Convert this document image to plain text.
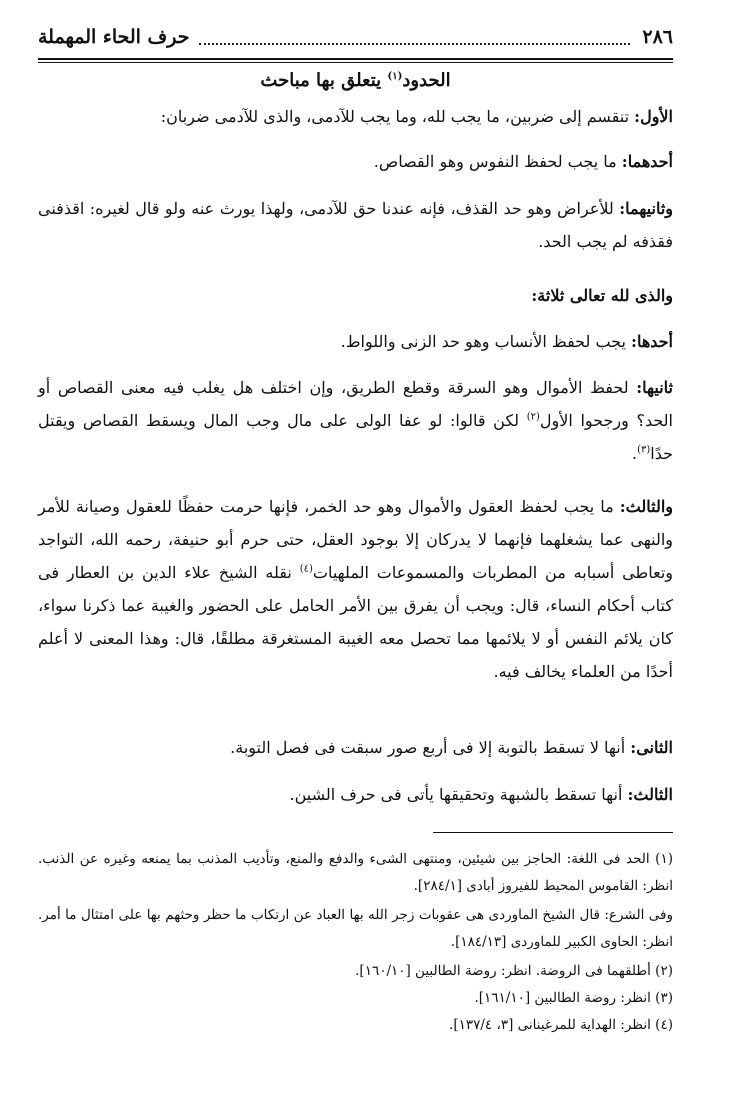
٢٨٦
حرف الحاء المهملة
الحدود$^{(١)}$ يتعلق بها مباحث
الأول: تنقسم إلى ضربين، ما يجب لله، وما يجب للآدمى، والذى للآدمى ضربان:
أحدهما: ما يجب لحفظ النفوس وهو القصاص.
وثانيهما: للأعراض وهو حد القذف، فإنه عندنا حق للآدمى، ولهذا يورث عنه ولو قال لغيره: اقذفنى فقذفه لم يجب الحد.
والذى لله تعالى ثلاثة:
أحدها: يجب لحفظ الأنساب وهو حد الزنى واللواط.
ثانيها: لحفظ الأموال وهو السرقة وقطع الطريق، وإن اختلف هل يغلب فيه معنى القصاص أو الحد؟ ورجحوا الأول$^{(٢)}$ لكن قالوا: لو عفا الولى على مال وجب المال ويسقط القصاص ويقتل حدًا$^{(٣)}$.
والثالث: ما يجب لحفظ العقول والأموال وهو حد الخمر، فإنها حرمت حفظًا للعقول وصيانة للأمر والنهى عما يشغلهما فإنهما لا يدركان إلا بوجود العقل، حتى حرم أبو حنيفة، رحمه الله، التواجد وتعاطى أسبابه من المطربات والمسموعات الملهيات$^{(٤)}$ نقله الشيخ علاء الدين بن العطار فى كتاب أحكام النساء، قال: ويجب أن يفرق بين الأمر الحامل على الحضور والغيبة عما ذكرنا سواء، كان يلائم النفس أو لا يلائمها مما تحصل معه الغيبة المستغرقة مطلقًا، قال: وهذا المعنى لا أعلم أحدًا من العلماء يخالف فيه.
الثانى: أنها لا تسقط بالتوبة إلا فى أربع صور سبقت فى فصل التوبة.
الثالث: أنها تسقط بالشبهة وتحقيقها يأتى فى حرف الشين.
(١) الحد فى اللغة: الحاجز بين شيئين، ومنتهى الشىء والدفع والمنع، وتأديب المذنب بما يمنعه وغيره عن الذنب. انظر: القاموس المحيط للفيروز أبادى [٢٨٤/١].
وفى الشرع: قال الشيخ الماوردى هى عقوبات زجر الله بها العباد عن ارتكاب ما حظر وحثهم بها على امتثال ما أمر. انظر: الحاوى الكبير للماوردى [١٨٤/١٣].
(٢) أطلقهما فى الروضة. انظر: روضة الطالبين [١٦٠/١٠].
(٣) انظر: روضة الطالبين [١٦١/١٠].
(٤) انظر: الهداية للمرغينانى [٣، ١٣٧/٤].
